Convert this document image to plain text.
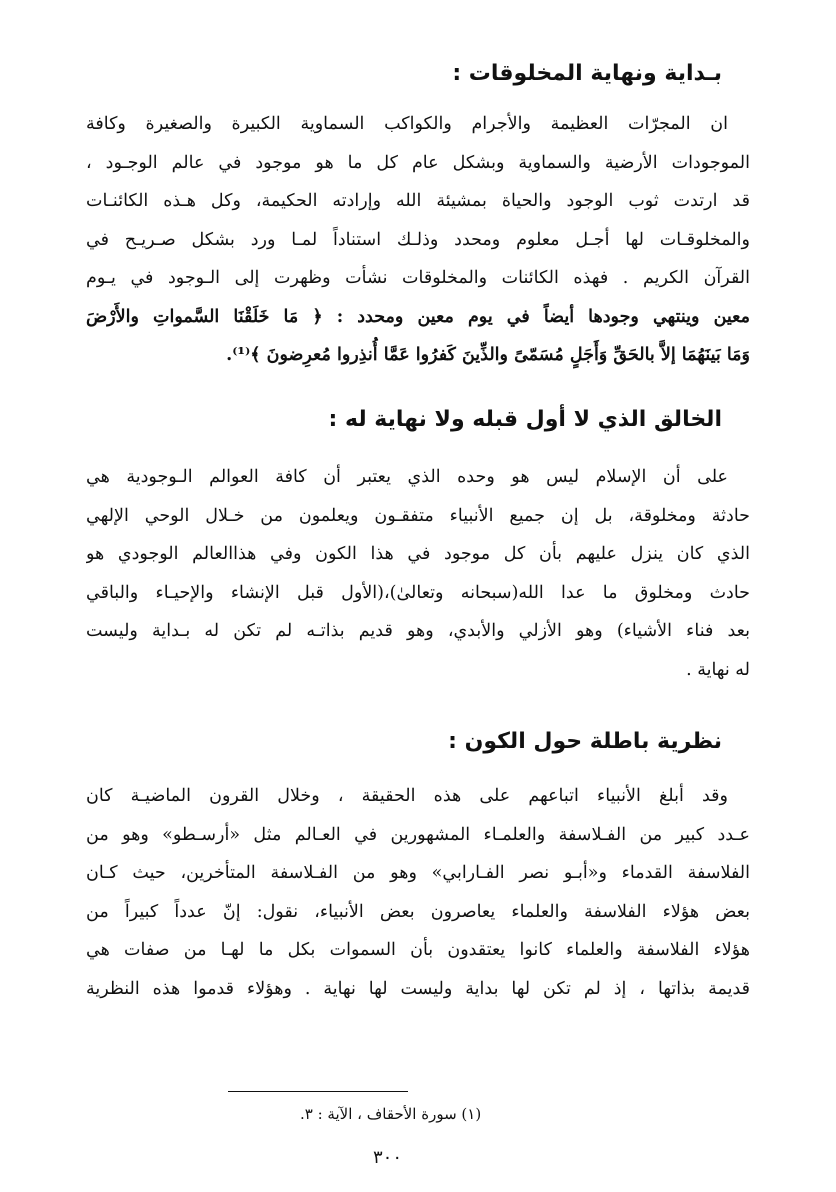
بـداية ونهاية المخلوقات :
ان المجرّات العظيمة والأجرام والكواكب السماوية الكبيرة والصغيرة وكافة
الموجودات الأرضية والسماوية وبشكل عام كل ما هو موجود في عالم الوجـود ،
قد ارتدت ثوب الوجود والحياة بمشيئة الله وإرادته الحكيمة، وكل هـذه الكائنـات
والمخلوقـات لها أجـل معلوم ومحدد وذلـك استناداً لمـا ورد بشكل صـريـح في
القرآن الكريم . فهذه الكائنات والمخلوقات نشأت وظهرت إلى الـوجود في يـوم
معين وينتهي وجودها أيضاً في يوم معين ومحدد : ﴿ مَا خَلَقْنَا السَّمواتِ والأَرْضَ
وَمَا بَينَهُمَا إلاَّ بالحَقِّ وَأَجَلٍ مُسَمّىً والذِّينَ كَفرُوا عَمَّا أُنذِروا مُعرِضونَ ﴾⁽¹⁾.
الخالق الذي لا أول قبله ولا نهاية له :
على أن الإسلام ليس هو وحده الذي يعتبر أن كافة العوالم الـوجودية هي
حادثة ومخلوقة، بل إن جميع الأنبياء متفقـون ويعلمون من خـلال الوحي الإلهي
الذي كان ينزل عليهم بأن كل موجود في هذا الكون وفي هذاالعالم الوجودي هو
حادث ومخلوق ما عدا الله(سبحانه وتعالىٰ)،(الأول قبل الإنشاء والإحيـاء والباقي
بعد فناء الأشياء) وهو الأزلي والأبدي، وهو قديم بذاتـه لم تكن له بـداية وليست
له نهاية .
نظرية باطلة حول الكون :
وقد أبلغ الأنبياء اتباعهم على هذه الحقيقة ، وخلال القرون الماضيـة كان
عـدد كبير من الفـلاسفة والعلمـاء المشهورين في العـالم مثل «أرسـطو» وهو من
الفلاسفة القدماء و«أبـو نصر الفـارابي» وهو من الفـلاسفة المتأخرين، حيث كـان
بعض هؤلاء الفلاسفة والعلماء يعاصرون بعض الأنبياء، نقول: إنّ عدداً كبيراً من
هؤلاء الفلاسفة والعلماء كانوا يعتقدون بأن السموات بكل ما لهـا من صفات هي
قديمة بذاتها ، إذ لم تكن لها بداية وليست لها نهاية . وهؤلاء قدموا هذه النظرية
(١) سورة الأحقاف ، الآية : ٣.
٣٠٠
